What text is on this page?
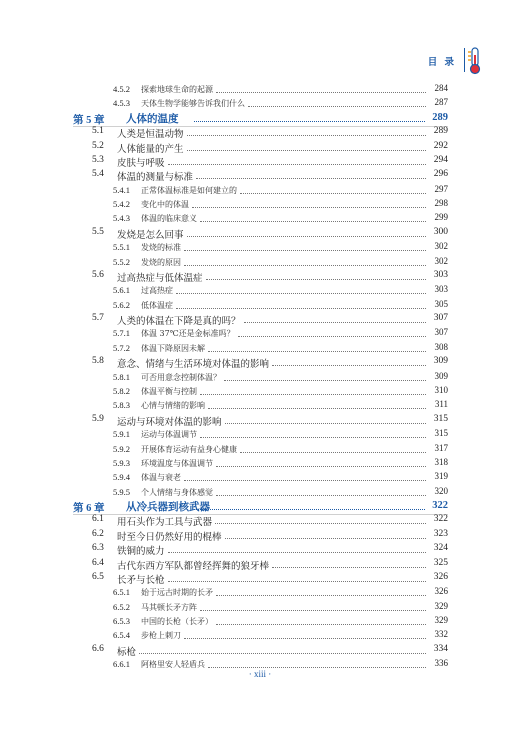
目 录
4.5.2 探索地球生命的起源	284
4.5.3 天体生物学能够告诉我们什么	287
第 5 章 人体的温度	289
5.1 人类是恒温动物	289
5.2 人体能量的产生	292
5.3 皮肤与呼吸	294
5.4 体温的测量与标准	296
5.4.1 正常体温标准是如何建立的	297
5.4.2 变化中的体温	298
5.4.3 体温的临床意义	299
5.5 发烧是怎么回事	300
5.5.1 发烧的标准	302
5.5.2 发烧的原因	302
5.6 过高热症与低体温症	303
5.6.1 过高热症	303
5.6.2 低体温症	305
5.7 人类的体温在下降是真的吗？	307
5.7.1 体温 37℃还是金标准吗？	307
5.7.2 体温下降原因未解	308
5.8 意念、情绪与生活环境对体温的影响	309
5.8.1 可否用意念控制体温？	309
5.8.2 体温平衡与控制	310
5.8.3 心情与情绪的影响	311
5.9 运动与环境对体温的影响	315
5.9.1 运动与体温调节	315
5.9.2 开展体育运动有益身心健康	317
5.9.3 环境温度与体温调节	318
5.9.4 体温与衰老	319
5.9.5 个人情绪与身体感觉	320
第 6 章 从冷兵器到核武器	322
6.1 用石头作为工具与武器	322
6.2 时至今日仍然好用的棍棒	323
6.3 铁铜的威力	324
6.4 古代东西方军队都曾经挥舞的狼牙棒	325
6.5 长矛与长枪	326
6.5.1 始于远古时期的长矛	326
6.5.2 马其顿长矛方阵	329
6.5.3 中国的长枪（长矛）	329
6.5.4 步枪上刺刀	332
6.6 标枪	334
6.6.1 阿格里安人轻盾兵	336
· xiii ·
